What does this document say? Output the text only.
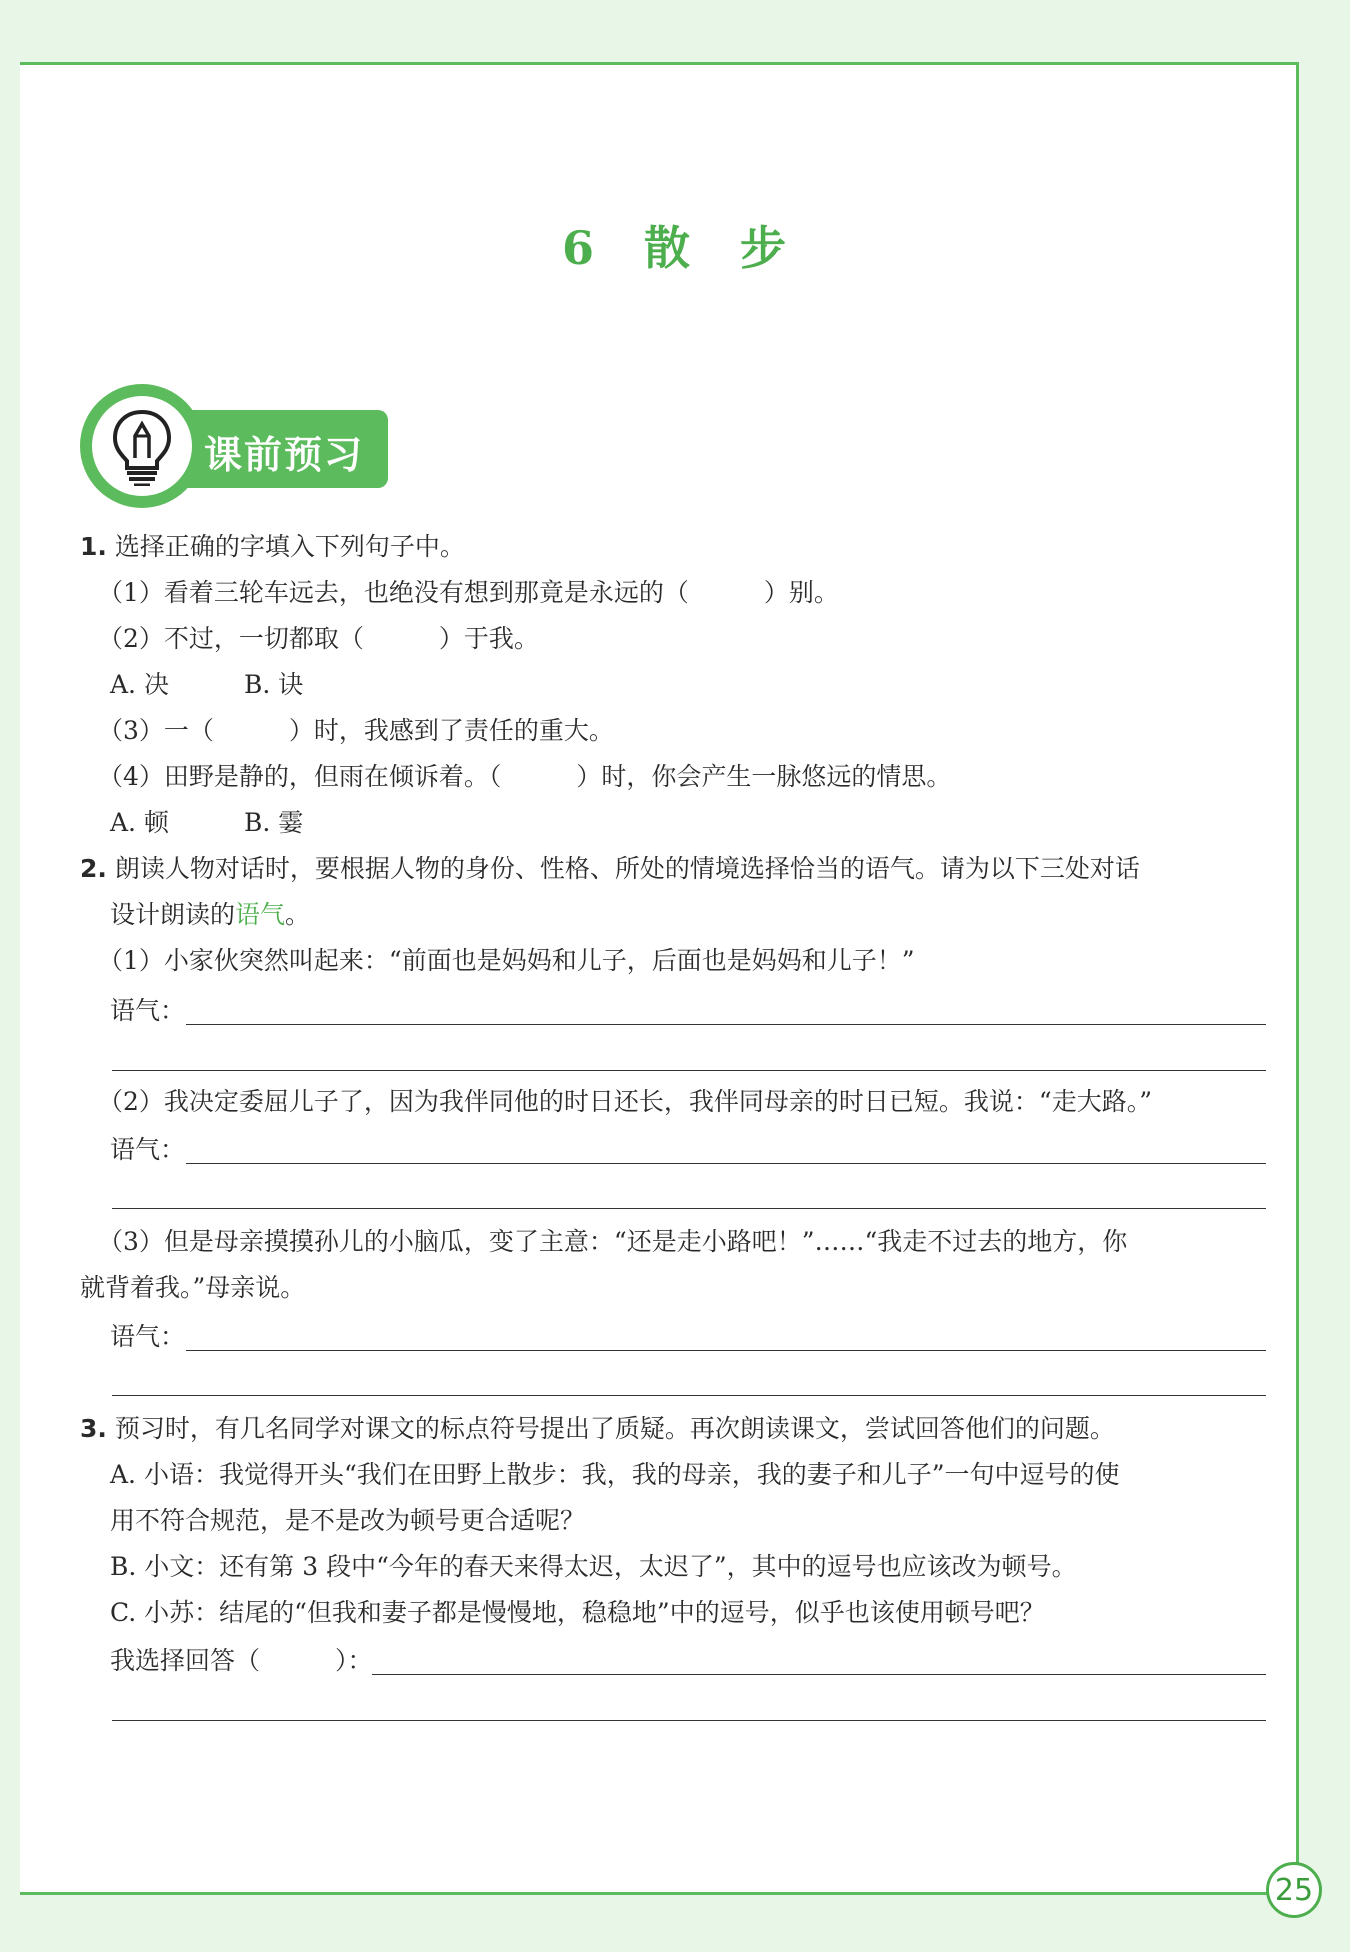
25
6 散 步
课前预习
1. 选择正确的字填入下列句子中。
（1）看着三轮车远去，也绝没有想到那竟是永远的（　　　）别。
（2）不过，一切都取（　　　）于我。
A. 决　　　B. 诀
（3）一（　　　）时，我感到了责任的重大。
（4）田野是静的，但雨在倾诉着。（　　　）时，你会产生一脉悠远的情思。
A. 顿　　　B. 霎
2. 朗读人物对话时，要根据人物的身份、性格、所处的情境选择恰当的语气。请为以下三处对话
设计朗读的语气。
（1）小家伙突然叫起来：“前面也是妈妈和儿子，后面也是妈妈和儿子！”
语气：
（2）我决定委屈儿子了，因为我伴同他的时日还长，我伴同母亲的时日已短。我说：“走大路。”
语气：
（3）但是母亲摸摸孙儿的小脑瓜，变了主意：“还是走小路吧！”……“我走不过去的地方，你
就背着我。”母亲说。
语气：
3. 预习时，有几名同学对课文的标点符号提出了质疑。再次朗读课文，尝试回答他们的问题。
A. 小语：我觉得开头“我们在田野上散步：我，我的母亲，我的妻子和儿子”一句中逗号的使
用不符合规范，是不是改为顿号更合适呢？
B. 小文：还有第 3 段中“今年的春天来得太迟，太迟了”，其中的逗号也应该改为顿号。
C. 小苏：结尾的“但我和妻子都是慢慢地，稳稳地”中的逗号，似乎也该使用顿号吧？
我选择回答（　　　）：
